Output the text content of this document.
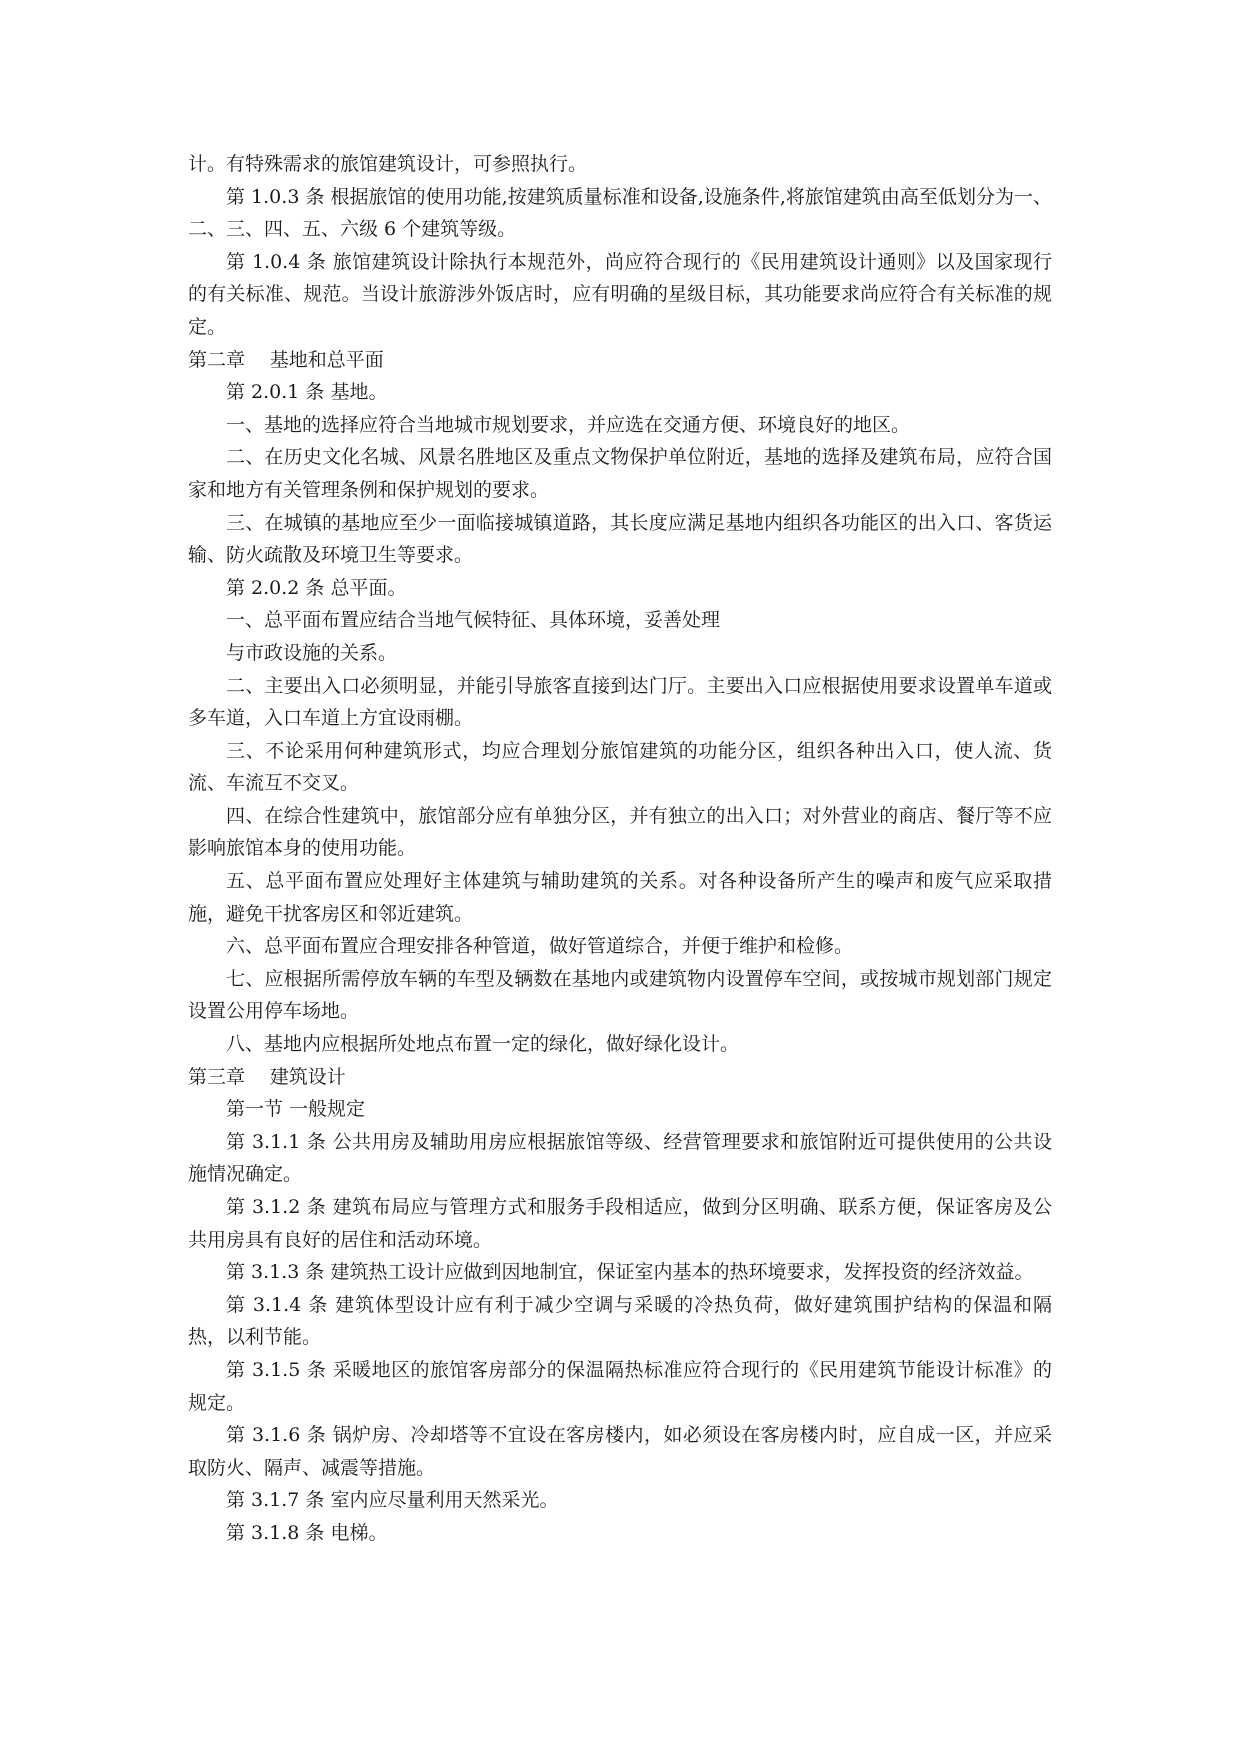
计。有特殊需求的旅馆建筑设计，可参照执行。

第 1.0.3 条 根据旅馆的使用功能,按建筑质量标准和设备,设施条件,将旅馆建筑由高至低划分为一、二、三、四、五、六级 6 个建筑等级。

第 1.0.4 条 旅馆建筑设计除执行本规范外，尚应符合现行的《民用建筑设计通则》以及国家现行的有关标准、规范。当设计旅游涉外饭店时，应有明确的星级目标，其功能要求尚应符合有关标准的规定。

第二章 基地和总平面

第 2.0.1 条 基地。

一、基地的选择应符合当地城市规划要求，并应选在交通方便、环境良好的地区。

二、在历史文化名城、风景名胜地区及重点文物保护单位附近，基地的选择及建筑布局，应符合国家和地方有关管理条例和保护规划的要求。

三、在城镇的基地应至少一面临接城镇道路，其长度应满足基地内组织各功能区的出入口、客货运输、防火疏散及环境卫生等要求。

第 2.0.2 条 总平面。

一、总平面布置应结合当地气候特征、具体环境，妥善处理

与市政设施的关系。

二、主要出入口必须明显，并能引导旅客直接到达门厅。主要出入口应根据使用要求设置单车道或多车道，入口车道上方宜设雨棚。

三、不论采用何种建筑形式，均应合理划分旅馆建筑的功能分区，组织各种出入口，使人流、货流、车流互不交叉。

四、在综合性建筑中，旅馆部分应有单独分区，并有独立的出入口；对外营业的商店、餐厅等不应影响旅馆本身的使用功能。

五、总平面布置应处理好主体建筑与辅助建筑的关系。对各种设备所产生的噪声和废气应采取措施，避免干扰客房区和邻近建筑。

六、总平面布置应合理安排各种管道，做好管道综合，并便于维护和检修。

七、应根据所需停放车辆的车型及辆数在基地内或建筑物内设置停车空间，或按城市规划部门规定设置公用停车场地。

八、基地内应根据所处地点布置一定的绿化，做好绿化设计。

第三章 建筑设计

第一节 一般规定

第 3.1.1 条 公共用房及辅助用房应根据旅馆等级、经营管理要求和旅馆附近可提供使用的公共设施情况确定。

第 3.1.2 条 建筑布局应与管理方式和服务手段相适应，做到分区明确、联系方便，保证客房及公共用房具有良好的居住和活动环境。

第 3.1.3 条 建筑热工设计应做到因地制宜，保证室内基本的热环境要求，发挥投资的经济效益。

第 3.1.4 条 建筑体型设计应有利于减少空调与采暖的冷热负荷，做好建筑围护结构的保温和隔热，以利节能。

第 3.1.5 条 采暖地区的旅馆客房部分的保温隔热标准应符合现行的《民用建筑节能设计标准》的规定。

第 3.1.6 条 锅炉房、冷却塔等不宜设在客房楼内，如必须设在客房楼内时，应自成一区，并应采取防火、隔声、减震等措施。

第 3.1.7 条 室内应尽量利用天然采光。

第 3.1.8 条 电梯。
